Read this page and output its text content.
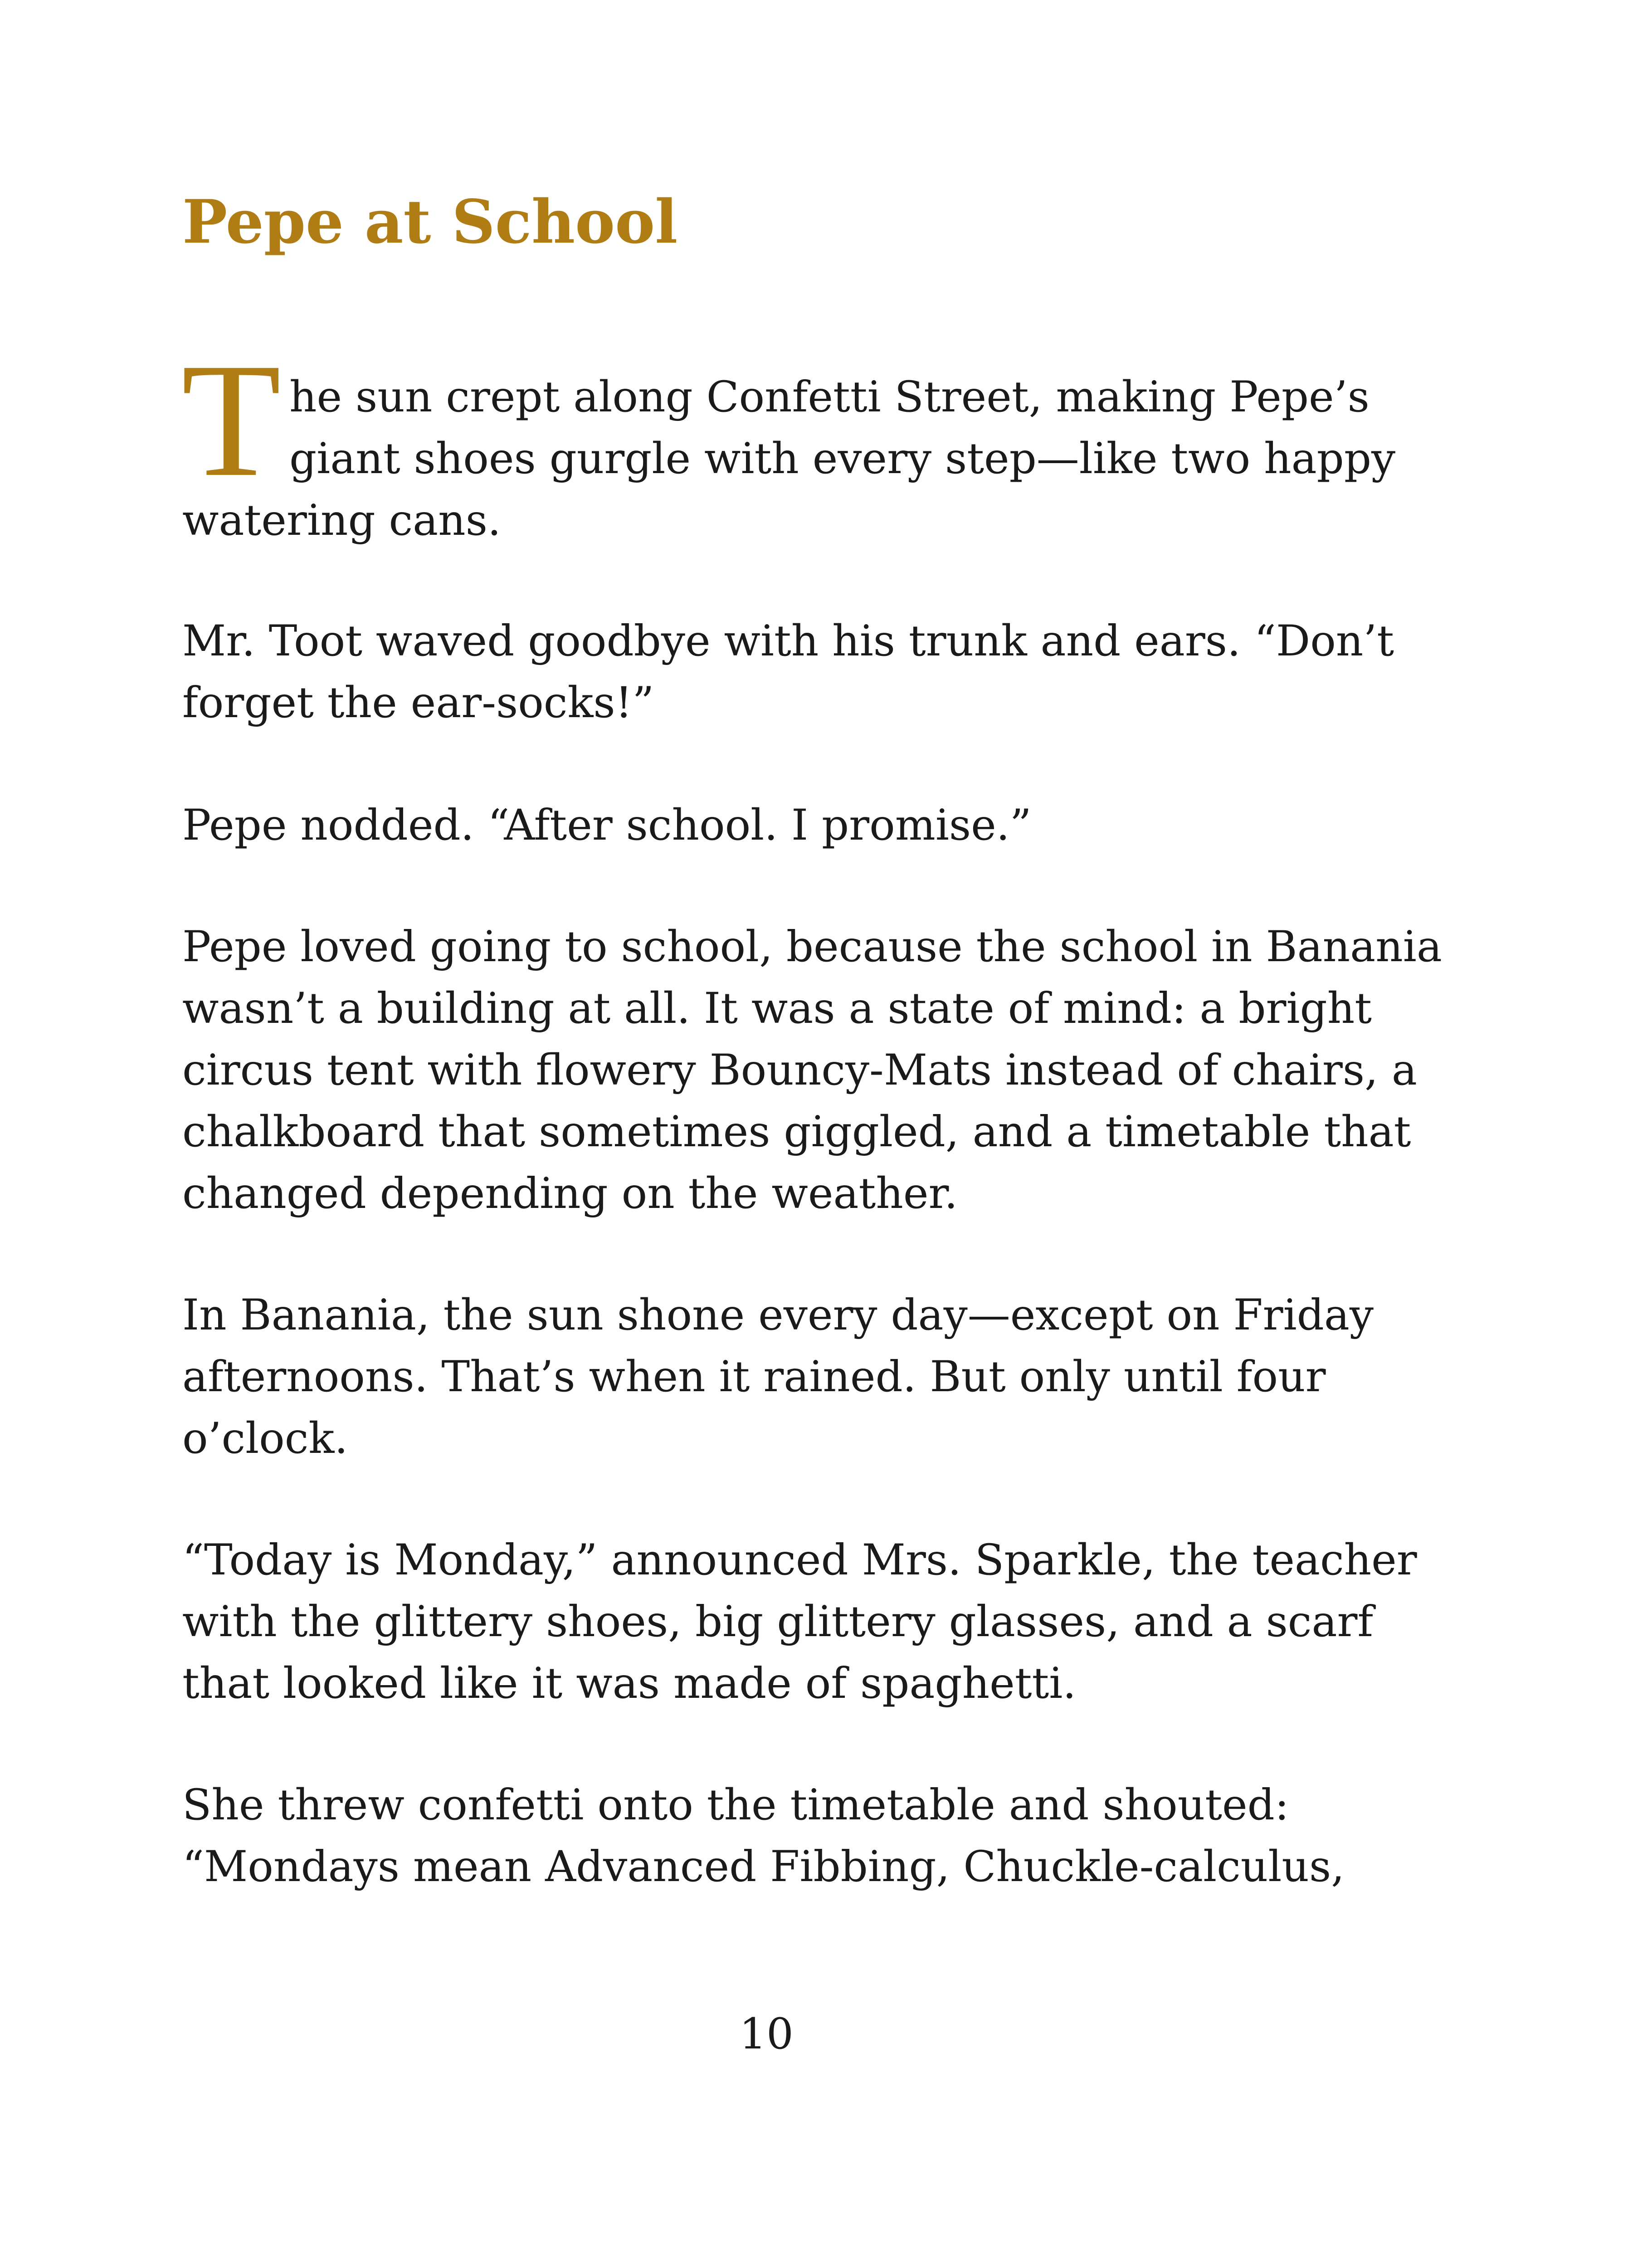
Pepe at School
T he sun crept along Confetti Street, making Pepe’s
giant shoes gurgle with every step—like two happy
watering cans.

Mr. Toot waved goodbye with his trunk and ears. “Don’t
forget the ear-socks!”

Pepe nodded. “After school. I promise.”

Pepe loved going to school, because the school in Banania
wasn’t a building at all. It was a state of mind: a bright
circus tent with flowery Bouncy-Mats instead of chairs, a
chalkboard that sometimes giggled, and a timetable that
changed depending on the weather.

In Banania, the sun shone every day—except on Friday
afternoons. That’s when it rained. But only until four
o’clock.

“Today is Monday,” announced Mrs. Sparkle, the teacher
with the glittery shoes, big glittery glasses, and a scarf
that looked like it was made of spaghetti.

She threw confetti onto the timetable and shouted:
“Mondays mean Advanced Fibbing, Chuckle-calculus,

10
